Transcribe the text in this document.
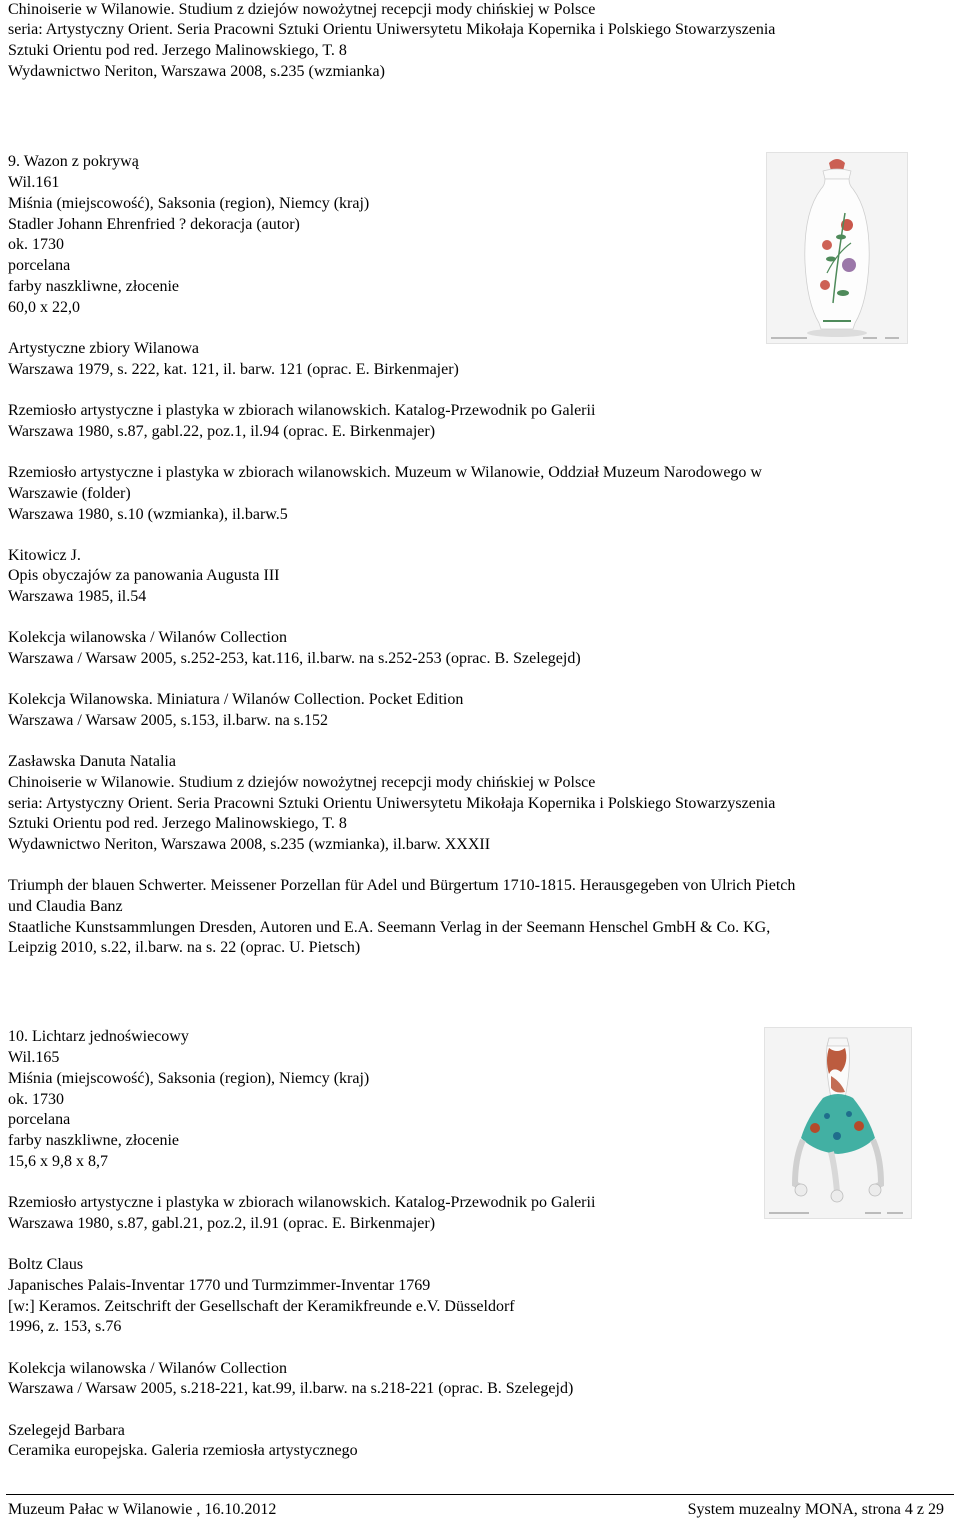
Chinoiserie w Wilanowie. Studium z dziejów nowożytnej recepcji mody chińskiej w Polsce
seria: Artystyczny Orient. Seria Pracowni Sztuki Orientu Uniwersytetu Mikołaja Kopernika i Polskiego Stowarzyszenia
Sztuki Orientu pod red. Jerzego Malinowskiego, T. 8
Wydawnictwo Neriton, Warszawa 2008, s.235 (wzmianka)
9. Wazon z pokrywą
Wil.161
Miśnia (miejscowość), Saksonia (region), Niemcy (kraj)
Stadler Johann Ehrenfried ? dekoracja (autor)
ok. 1730
porcelana
farby naszkliwne, złocenie
60,0 x 22,0
Artystyczne zbiory Wilanowa
Warszawa 1979, s. 222, kat. 121, il. barw. 121 (oprac. E. Birkenmajer)
Rzemiosło artystyczne i plastyka w zbiorach wilanowskich. Katalog-Przewodnik po Galerii
Warszawa 1980, s.87, gabl.22, poz.1, il.94 (oprac. E. Birkenmajer)
Rzemiosło artystyczne i plastyka w zbiorach wilanowskich. Muzeum w Wilanowie, Oddział Muzeum Narodowego w
Warszawie (folder)
Warszawa 1980, s.10 (wzmianka), il.barw.5
Kitowicz J.
Opis obyczajów za panowania Augusta III
Warszawa 1985, il.54
Kolekcja wilanowska / Wilanów Collection
Warszawa / Warsaw 2005, s.252-253, kat.116, il.barw. na s.252-253 (oprac. B. Szelegejd)
Kolekcja Wilanowska. Miniatura / Wilanów Collection. Pocket Edition
Warszawa / Warsaw 2005, s.153, il.barw. na s.152
Zasławska Danuta Natalia
Chinoiserie w Wilanowie. Studium z dziejów nowożytnej recepcji mody chińskiej w Polsce
seria: Artystyczny Orient. Seria Pracowni Sztuki Orientu Uniwersytetu Mikołaja Kopernika i Polskiego Stowarzyszenia
Sztuki Orientu pod red. Jerzego Malinowskiego, T. 8
Wydawnictwo Neriton, Warszawa 2008, s.235 (wzmianka), il.barw. XXXII
Triumph der blauen Schwerter. Meissener Porzellan für Adel und Bürgertum 1710-1815. Herausgegeben von Ulrich Pietch
und Claudia Banz
Staatliche Kunstsammlungen Dresden, Autoren und E.A. Seemann Verlag in der Seemann Henschel GmbH & Co. KG,
Leipzig 2010, s.22, il.barw. na s. 22 (oprac. U. Pietsch)
10. Lichtarz jednoświecowy
Wil.165
Miśnia (miejscowość), Saksonia (region), Niemcy (kraj)
ok. 1730
porcelana
farby naszkliwne, złocenie
15,6 x 9,8 x 8,7
Rzemiosło artystyczne i plastyka w zbiorach wilanowskich. Katalog-Przewodnik po Galerii
Warszawa 1980, s.87, gabl.21, poz.2, il.91 (oprac. E. Birkenmajer)
Boltz Claus
Japanisches Palais-Inventar 1770 und Turmzimmer-Inventar 1769
[w:] Keramos. Zeitschrift der Gesellschaft der Keramikfreunde e.V. Düsseldorf
1996, z. 153, s.76
Kolekcja wilanowska / Wilanów Collection
Warszawa / Warsaw 2005, s.218-221, kat.99, il.barw. na s.218-221 (oprac. B. Szelegejd)
Szelegejd Barbara
Ceramika europejska. Galeria rzemiosła artystycznego
Muzeum Pałac w Wilanowie , 16.10.2012	System muzealny MONA, strona 4 z 29
